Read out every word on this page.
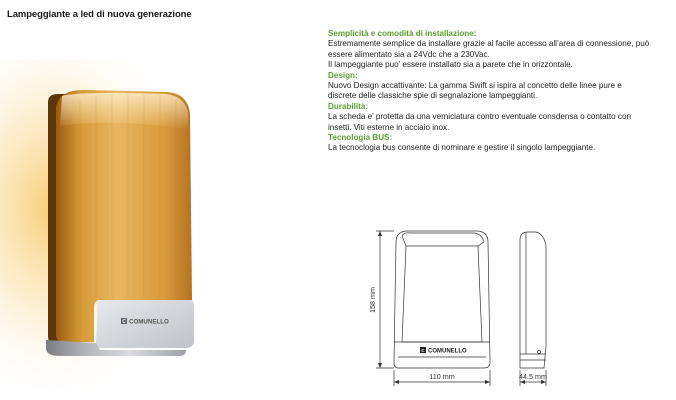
Lampeggiante a led di nuova generazione
C COMUNELLO
Semplicità e comodità di installazione:
Estremamente semplice da installare grazie al facile accesso all’area di connessione, può
essere alimentato sia a 24Vdc che a 230Vac.
Il lampeggiante puo’ essere installato sia a parete che in orizzontale.
Design:
Nuovo Design accattivante: La gamma Swift si ispira al concetto delle linee pure e
discrete delle classiche spie di segnalazione lampeggianti.
Durabilità:
La scheda e’ protetta da una verniciatura contro eventuale consdensa o contatto con
insetti. Viti esterne in acciaio inox.
Tecnologia BUS:
La tecnoclogia bus consente di nominare e gestire il singolo lampeggiante.
C COMUNELLO
158 mm
110 mm	44.5 mm
